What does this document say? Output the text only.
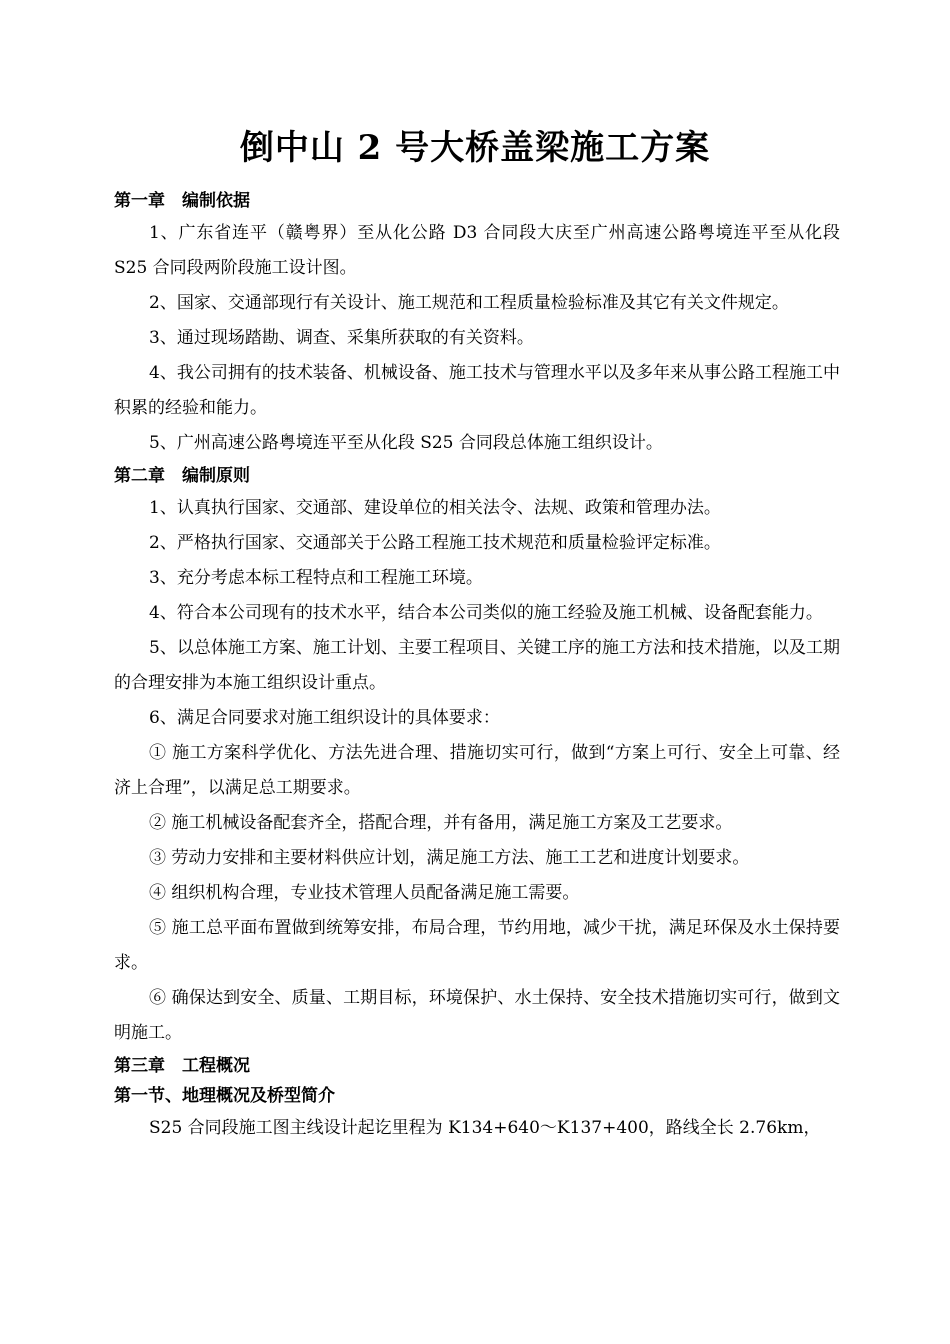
倒中山 2 号大桥盖梁施工方案
第一章　编制依据
1、广东省连平（赣粤界）至从化公路 D3 合同段大庆至广州高速公路粤境连平至从化段 S25 合同段两阶段施工设计图。
2、国家、交通部现行有关设计、施工规范和工程质量检验标准及其它有关文件规定。
3、通过现场踏勘、调查、采集所获取的有关资料。
4、我公司拥有的技术装备、机械设备、施工技术与管理水平以及多年来从事公路工程施工中积累的经验和能力。
5、广州高速公路粤境连平至从化段 S25 合同段总体施工组织设计。
第二章　编制原则
1、认真执行国家、交通部、建设单位的相关法令、法规、政策和管理办法。
2、严格执行国家、交通部关于公路工程施工技术规范和质量检验评定标准。
3、充分考虑本标工程特点和工程施工环境。
4、符合本公司现有的技术水平，结合本公司类似的施工经验及施工机械、设备配套能力。
5、以总体施工方案、施工计划、主要工程项目、关键工序的施工方法和技术措施，以及工期的合理安排为本施工组织设计重点。
6、满足合同要求对施工组织设计的具体要求：
① 施工方案科学优化、方法先进合理、措施切实可行，做到“方案上可行、安全上可靠、经济上合理”，以满足总工期要求。
② 施工机械设备配套齐全，搭配合理，并有备用，满足施工方案及工艺要求。
③ 劳动力安排和主要材料供应计划，满足施工方法、施工工艺和进度计划要求。
④ 组织机构合理，专业技术管理人员配备满足施工需要。
⑤ 施工总平面布置做到统筹安排，布局合理，节约用地，减少干扰，满足环保及水土保持要求。
⑥ 确保达到安全、质量、工期目标，环境保护、水土保持、安全技术措施切实可行，做到文明施工。
第三章　工程概况
第一节、地理概况及桥型简介
S25 合同段施工图主线设计起讫里程为 K134+640～K137+400，路线全长 2.76km，
